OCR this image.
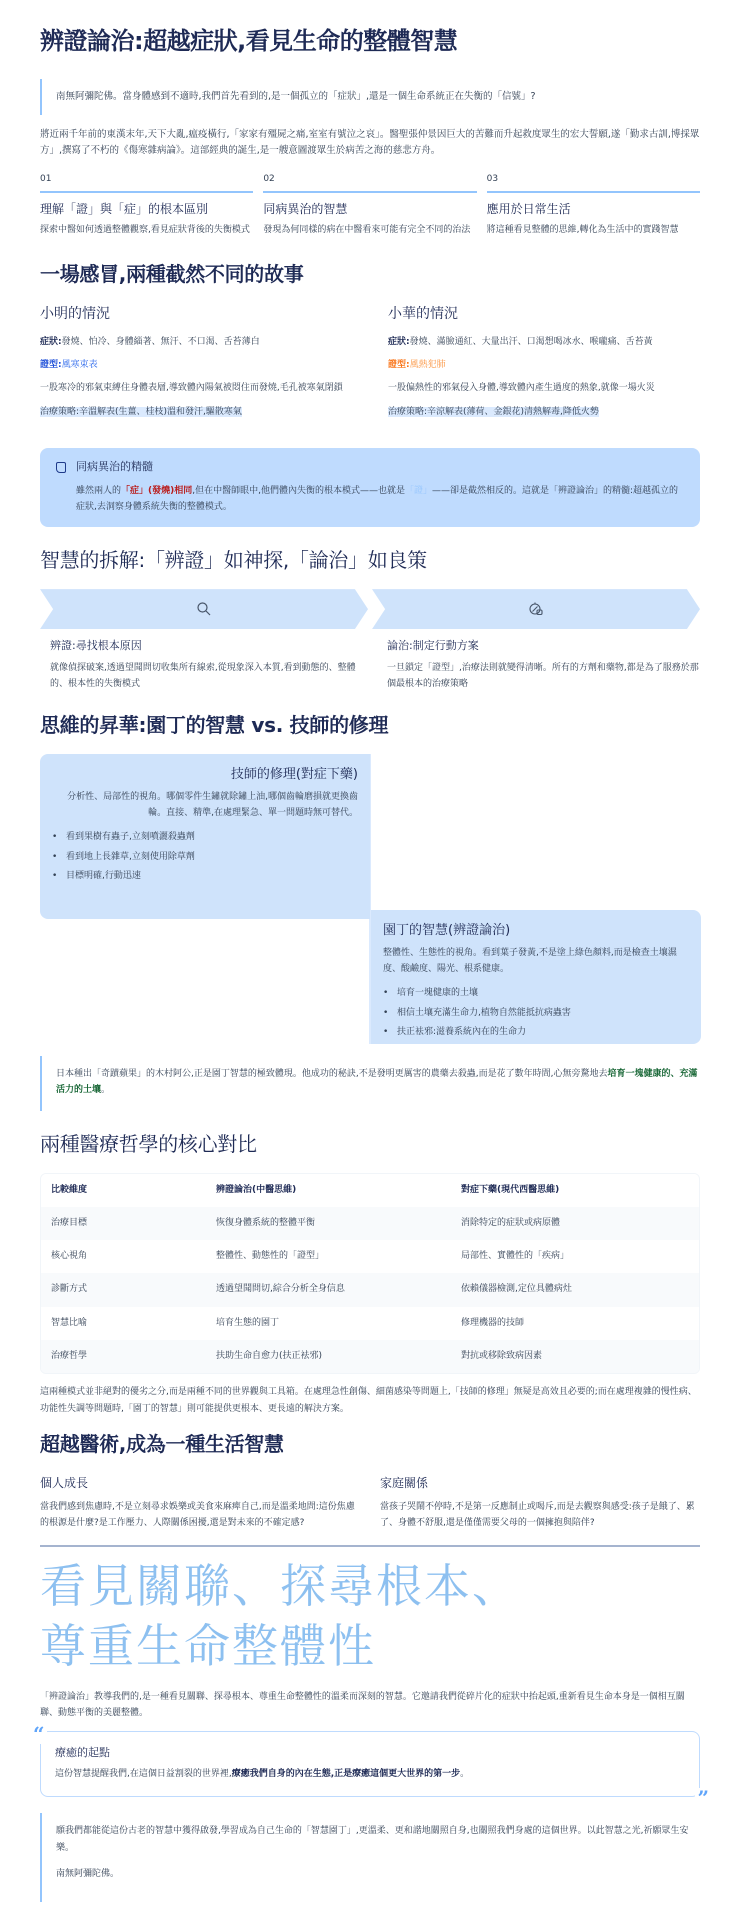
辨證論治:超越症狀,看見生命的整體智慧
南無阿彌陀佛。當身體感到不適時,我們首先看到的,是一個孤立的「症狀」,還是一個生命系統正在失衡的「信號」?

將近兩千年前的東漢末年,天下大亂,瘟疫橫行,「家家有殭屍之痛,室室有號泣之哀」。醫聖張仲景因巨大的苦難而升起救度眾生的宏大誓願,遂「勤求古訓,博採眾方」,撰寫了不朽的《傷寒雜病論》。這部經典的誕生,是一艘意圖渡眾生於病苦之海的慈悲方舟。

01
理解「證」與「症」的根本區別
探索中醫如何透過整體觀察,看見症狀背後的失衡模式
02
同病異治的智慧
發現為何同樣的病在中醫看來可能有完全不同的治法
03
應用於日常生活
將這種看見整體的思維,轉化為生活中的實踐智慧
一場感冒,兩種截然不同的故事
小明的情況

症狀:發燒、怕冷、身體緇著、無汗、不口渴、舌苔薄白

證型:風寒束表

一股寒冷的邪氣束縛住身體表層,導致體內陽氣被悶住而發燒,毛孔被寒氣閉鎖

治療策略:辛溫解表(生薑、桂枝)溫和發汗,驅散寒氣

小華的情況

症狀:發燒、滿臉通紅、大量出汗、口渴想喝冰水、喉嚨痛、舌苔黃

證型:風熱犯肺

一股偏熱性的邪氣侵入身體,導致體內產生過度的熱象,就像一場火災

治療策略:辛涼解表(薄荷、金銀花)清熱解毒,降低火勢

同病異治的精髓
雖然兩人的「症」(發燒)相同,但在中醫師眼中,他們體內失衡的根本模式——也就是「證」——卻是截然相反的。這就是「辨證論治」的精髓:超越孤立的症狀,去洞察身體系統失衡的整體模式。
智慧的拆解:「辨證」如神探,「論治」如良策
辨證:尋找根本原因
就像偵探破案,透過望聞問切收集所有線索,從現象深入本質,看到動態的、整體的、根本性的失衡模式
論治:制定行動方案
一旦鎖定「證型」,治療法則就變得清晰。所有的方劑和藥物,都是為了服務於那個最根本的治療策略
思維的昇華:園丁的智慧 vs. 技師的修理
技師的修理(對症下藥)
分析性、局部性的視角。哪個零件生鏽就除鏽上油,哪個齒輪磨損就更換齒輪。直接、精準,在處理緊急、單一問題時無可替代。
• 看到果樹有蟲子,立刻噴灑殺蟲劑
• 看到地上長雜草,立刻使用除草劑
• 目標明確,行動迅速
園丁的智慧(辨證論治)
整體性、生態性的視角。看到葉子發黃,不是塗上綠色顏料,而是檢查土壤濕度、酸鹼度、陽光、根系健康。
• 培育一塊健康的土壤
• 相信土壤充滿生命力,植物自然能抵抗病蟲害
• 扶正袪邪:滋養系統內在的生命力
日本種出「奇蹟蘋果」的木村阿公,正是園丁智慧的極致體現。他成功的秘訣,不是發明更厲害的農藥去殺蟲,而是花了數年時間,心無旁騖地去培育一塊健康的、充滿活力的土壤。
兩種醫療哲學的核心對比
比較維度	辨證論治(中醫思維)	對症下藥(現代西醫思維)
治療目標	恢復身體系統的整體平衡	消除特定的症狀或病原體
核心視角	整體性、動態性的「證型」	局部性、實體性的「疾病」
診斷方式	透過望聞問切,綜合分析全身信息	依賴儀器檢測,定位具體病灶
智慧比喻	培育生態的園丁	修理機器的技師
治療哲學	扶助生命自愈力(扶正袪邪)	對抗或移除致病因素

這兩種模式並非絕對的優劣之分,而是兩種不同的世界觀與工具箱。在處理急性創傷、細菌感染等問題上,「技師的修理」無疑是高效且必要的;而在處理複雜的慢性病、功能性失調等問題時,「園丁的智慧」則可能提供更根本、更長遠的解決方案。

超越醫術,成為一種生活智慧
個人成長
當我們感到焦慮時,不是立刻尋求娛樂或美食來麻痺自己,而是溫柔地問:這份焦慮的根源是什麼?是工作壓力、人際關係困擾,還是對未來的不確定感?
家庭關係
當孩子哭鬧不停時,不是第一反應制止或喝斥,而是去觀察與感受:孩子是餓了、累了、身體不舒服,還是僅僅需要父母的一個擁抱與陪伴?
看見關聯、探尋根本、
尊重生命整體性

「辨證論治」教導我們的,是一種看見關聯、探尋根本、尊重生命整體性的溫柔而深刻的智慧。它邀請我們從碎片化的症狀中抬起頭,重新看見生命本身是一個相互關聯、動態平衡的美麗整體。

“
療癒的起點
這份智慧提醒我們,在這個日益割裂的世界裡,療癒我們自身的內在生態,正是療癒這個更大世界的第一步。
”

願我們都能從這份古老的智慧中獲得啟發,學習成為自己生命的「智慧園丁」,更溫柔、更和諧地關照自身,也關照我們身處的這個世界。以此智慧之光,祈願眾生安樂。

南無阿彌陀佛。
